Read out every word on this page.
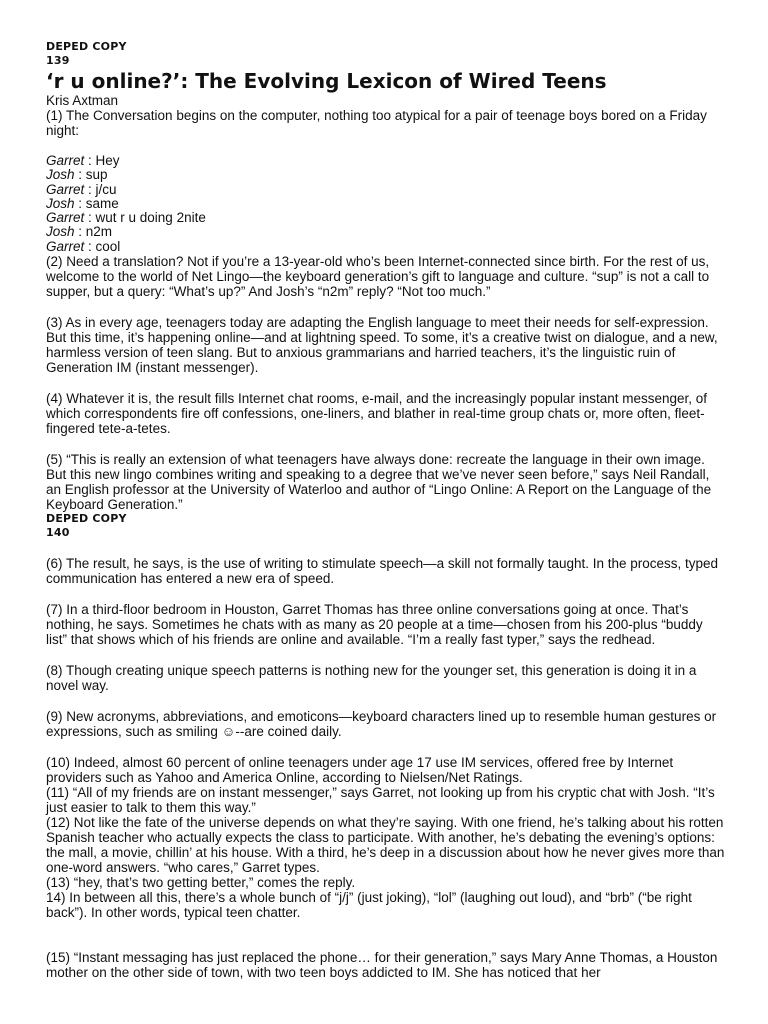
DEPED COPY
139
‘r u online?’: The Evolving Lexicon of Wired Teens
Kris Axtman

(1) The Conversation begins on the computer, nothing too atypical for a pair of teenage boys bored on a Friday night:

Garret : Hey
Josh : sup
Garret : j/cu
Josh : same
Garret : wut r u doing 2nite
Josh : n2m
Garret : cool

(2) Need a translation? Not if you’re a 13-year-old who’s been Internet-connected since birth. For the rest of us, welcome to the world of Net Lingo—the keyboard generation’s gift to language and culture. “sup” is not a call to supper, but a query: “What’s up?” And Josh’s “n2m” reply? “Not too much.”

(3) As in every age, teenagers today are adapting the English language to meet their needs for self-expression. But this time, it’s happening online—and at lightning speed. To some, it’s a creative twist on dialogue, and a new, harmless version of teen slang. But to anxious grammarians and harried teachers, it’s the linguistic ruin of Generation IM (instant messenger).

(4) Whatever it is, the result fills Internet chat rooms, e-mail, and the increasingly popular instant messenger, of which correspondents fire off confessions, one-liners, and blather in real-time group chats or, more often, fleet-fingered tete-a-tetes.

(5) “This is really an extension of what teenagers have always done: recreate the language in their own image. But this new lingo combines writing and speaking to a degree that we’ve never seen before,” says Neil Randall, an English professor at the University of Waterloo and author of “Lingo Online: A Report on the Language of the Keyboard Generation.”

DEPED COPY
140

(6) The result, he says, is the use of writing to stimulate speech—a skill not formally taught. In the process, typed communication has entered a new era of speed.

(7) In a third-floor bedroom in Houston, Garret Thomas has three online conversations going at once. That’s nothing, he says. Sometimes he chats with as many as 20 people at a time—chosen from his 200-plus “buddy list” that shows which of his friends are online and available. “I’m a really fast typer,” says the redhead.

(8) Though creating unique speech patterns is nothing new for the younger set, this generation is doing it in a novel way.

(9) New acronyms, abbreviations, and emoticons—keyboard characters lined up to resemble human gestures or expressions, such as smiling ☺--are coined daily.

(10) Indeed, almost 60 percent of online teenagers under age 17 use IM services, offered free by Internet providers such as Yahoo and America Online, according to Nielsen/Net Ratings.

(11) “All of my friends are on instant messenger,” says Garret, not looking up from his cryptic chat with Josh. “It’s just easier to talk to them this way.”

(12) Not like the fate of the universe depends on what they’re saying. With one friend, he’s talking about his rotten Spanish teacher who actually expects the class to participate. With another, he’s debating the evening’s options: the mall, a movie, chillin’ at his house. With a third, he’s deep in a discussion about how he never gives more than one-word answers. “who cares,” Garret types.

(13) “hey, that’s two getting better,” comes the reply.

14) In between all this, there’s a whole bunch of “j/j” (just joking), “lol” (laughing out loud), and “brb” (“be right back”). In other words, typical teen chatter.

(15) “Instant messaging has just replaced the phone… for their generation,” says Mary Anne Thomas, a Houston mother on the other side of town, with two teen boys addicted to IM. She has noticed that her
